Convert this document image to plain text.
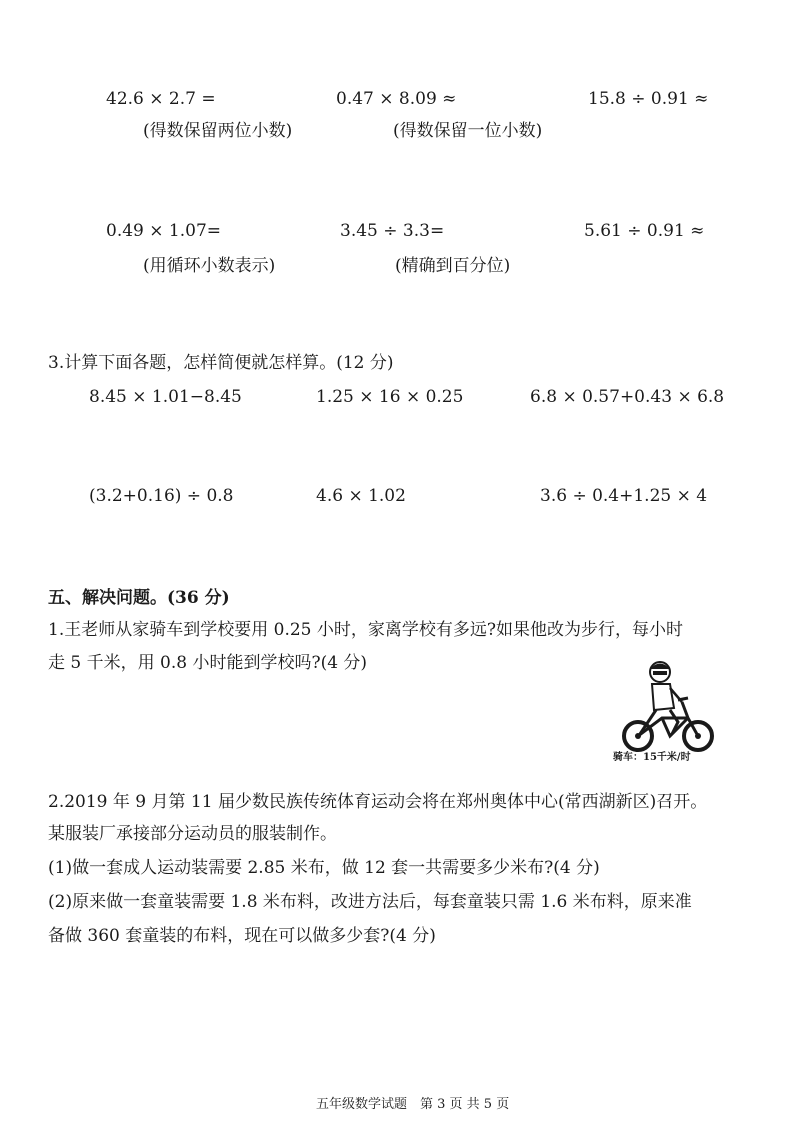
42.6 × 2.7 =	0.47 × 8.09 ≈	15.8 ÷ 0.91 ≈
(得数保留两位小数)	(得数保留一位小数)
0.49 × 1.07=	3.45 ÷ 3.3=	5.61 ÷ 0.91 ≈
(用循环小数表示)	(精确到百分位)
3.计算下面各题，怎样简便就怎样算。(12 分)
8.45 × 1.01−8.45	1.25 × 16 × 0.25	6.8 × 0.57+0.43 × 6.8
(3.2+0.16) ÷ 0.8	4.6 × 1.02	3.6 ÷ 0.4+1.25 × 4
五、解决问题。(36 分)
1.王老师从家骑车到学校要用 0.25 小时，家离学校有多远?如果他改为步行，每小时
走 5 千米，用 0.8 小时能到学校吗?(4 分)
骑车：15千米/时
2.2019 年 9 月第 11 届少数民族传统体育运动会将在郑州奥体中心(常西湖新区)召开。
某服装厂承接部分运动员的服装制作。
(1)做一套成人运动装需要 2.85 米布，做 12 套一共需要多少米布?(4 分)
(2)原来做一套童装需要 1.8 米布料，改进方法后，每套童装只需 1.6 米布料，原来准
备做 360 套童装的布料，现在可以做多少套?(4 分)
五年级数学试题　第 3 页 共 5 页
